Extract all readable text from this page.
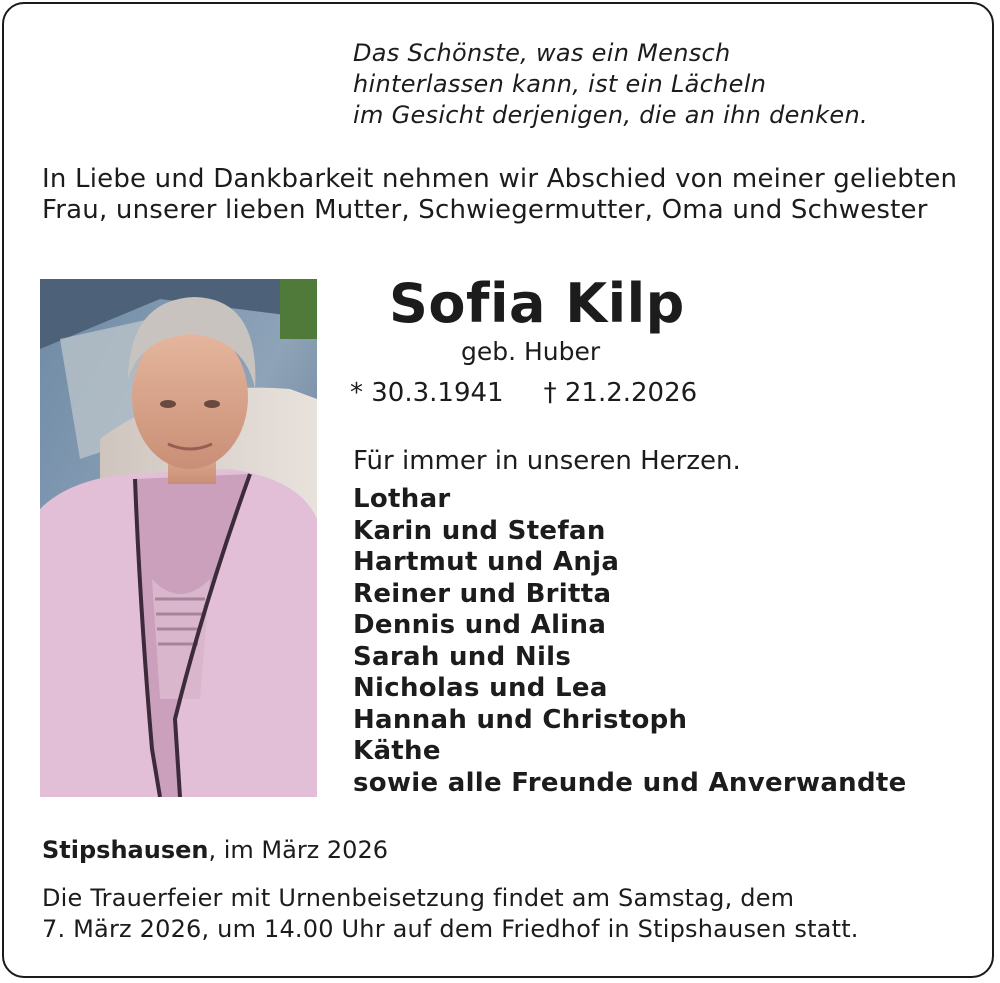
Das Schönste, was ein Mensch
hinterlassen kann, ist ein Lächeln
im Gesicht derjenigen, die an ihn denken.
In Liebe und Dankbarkeit nehmen wir Abschied von meiner geliebten Frau, unserer lieben Mutter, Schwiegermutter, Oma und Schwester
Sofia Kilp
geb. Huber
* 30.3.1941 † 21.2.2026
Für immer in unseren Herzen.
Lothar
Karin und Stefan
Hartmut und Anja
Reiner und Britta
Dennis und Alina
Sarah und Nils
Nicholas und Lea
Hannah und Christoph
Käthe
sowie alle Freunde und Anverwandte
Stipshausen, im März 2026
Die Trauerfeier mit Urnenbeisetzung findet am Samstag, dem
7. März 2026, um 14.00 Uhr auf dem Friedhof in Stipshausen statt.
